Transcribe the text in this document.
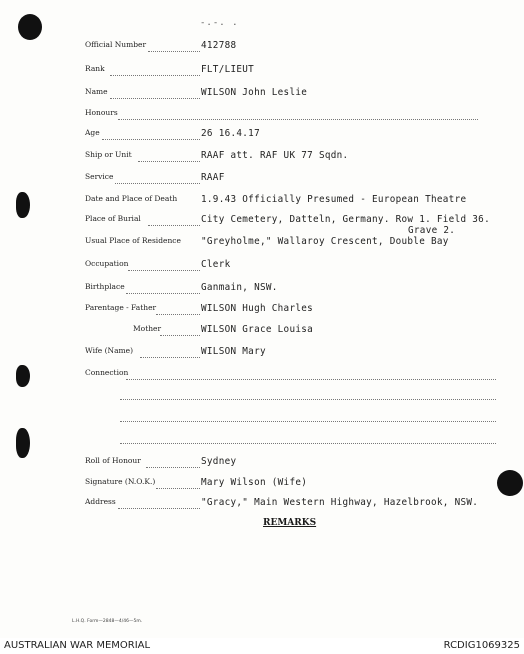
-.-. .
Official Number	412788
Rank	FLT/LIEUT
Name	WILSON John Leslie
Honours
Age	26 16.4.17
Ship or Unit	RAAF att. RAF UK 77 Sqdn.
Service	RAAF
Date and Place of Death	1.9.43 Officially Presumed - European Theatre
Place of Burial	City Cemetery, Datteln, Germany. Row 1. Field 36.
Grave 2.
Usual Place of Residence "Greyholme," Wallaroy Crescent, Double Bay
Occupation	Clerk
Birthplace	Ganmain, NSW.
Parentage - Father	WILSON Hugh Charles
Mother	WILSON Grace Louisa
Wife (Name)	WILSON Mary
Connection
Roll of Honour	Sydney
Signature (N.O.K.)	Mary Wilson (Wife)
Address	"Gracy," Main Western Highway, Hazelbrook, NSW.
REMARKS
L.H.Q. Form—2848—4/46—5m.
AUSTRALIAN WAR MEMORIAL	RCDIG1069325
